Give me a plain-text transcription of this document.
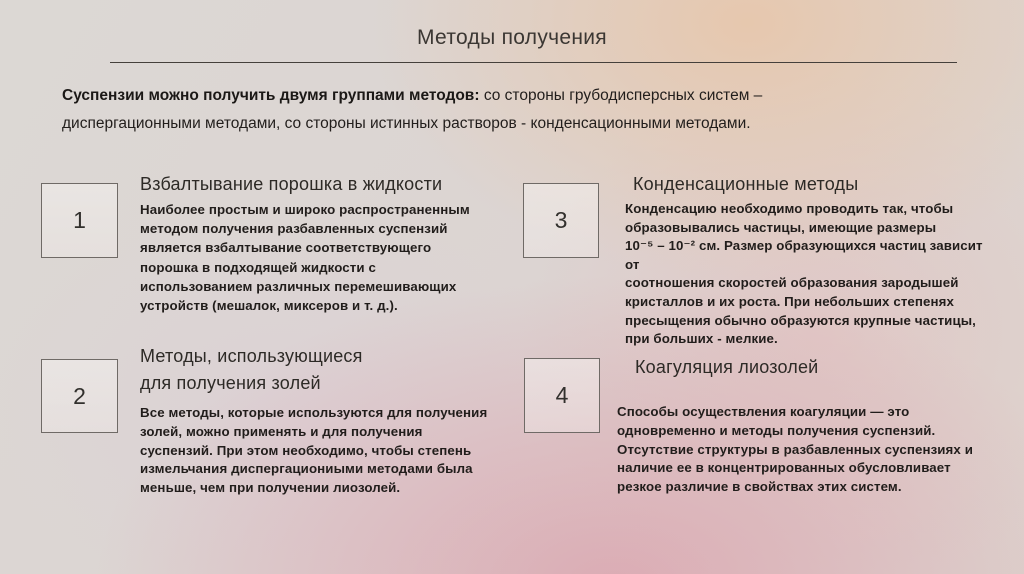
Методы получения
Суспензии можно получить двумя группами методов: со стороны грубодисперсных систем –
диспергационными методами, со стороны истинных растворов - конденсационными методами.
1
Взбалтывание порошка в жидкости
Наиболее простым и широко распространенным
методом получения разбавленных суспензий
является взбалтывание соответствующего
порошка в подходящей жидкости с
использованием различных перемешивающих
устройств (мешалок, миксеров и т. д.).
2
Методы, использующиеся
для получения золей
Все методы, которые используются для получения
золей, можно применять и для получения
суспензий. При этом необходимо, чтобы степень
измельчания диспергациониыми методами была
меньше, чем при получении лиозолей.
3
Конденсационные методы
Конденсацию необходимо проводить так, чтобы
образовывались частицы, имеющие размеры
10⁻⁵ – 10⁻² см. Размер образующихся частиц зависит от
соотношения скоростей образования зародышей
кристаллов и их роста. При небольших степенях
пресыщения обычно образуются крупные частицы,
при больших - мелкие.
4
Коагуляция лиозолей
Способы осуществления коагуляции — это
одновременно и методы получения суспензий.
Отсутствие структуры в разбавленных суспензиях и
наличие ее в концентрированных обусловливает
резкое различие в свойствах этих систем.
